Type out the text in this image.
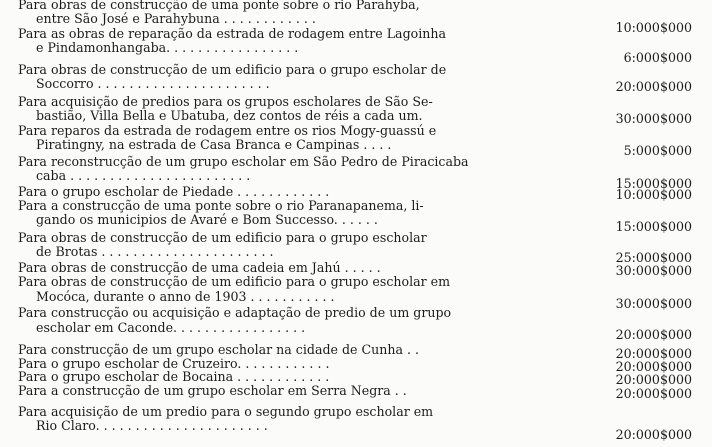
Para obras de construcção de uma ponte sobre o rio Parahyba,
entre São José e Parahybuna . . . . . . . . . . . .
10:000$000
Para as obras de reparação da estrada de rodagem entre Lagoinha
e Pindamonhangaba. . . . . . . . . . . . . . . . .
6:000$000
Para obras de construcção de um edificio para o grupo escholar de
Soccorro . . . . . . . . . . . . . . . . . . . . . .	20:000$000
Para acquisição de predios para os grupos escholares de São Se-
bastião, Villa Bella e Ubatuba, dez contos de réis a cada um.	30:000$000
Para reparos da estrada de rodagem entre os rios Mogy-guassú e
Piratingny, na estrada de Casa Branca e Campinas . . . .	5:000$000
Para reconstrucção de um grupo escholar em São Pedro de Piracicaba
caba . . . . . . . . . . . . . . . . . . . . . . .
15:000$000
Para o grupo escholar de Piedade . . . . . . . . . . . .	10:000$000
Para a construcção de uma ponte sobre o rio Paranapanema, li-
gando os municipios de Avaré e Bom Successo. . . . . .	15:000$000
Para obras de construcção de um edificio para o grupo escholar
de Brotas . . . . . . . . . . . . . . . . . . . . . .	25:000$000
Para obras de construcção de uma cadeia em Jahú . . . . .	30:000$000
Para obras de construcção de um edificio para o grupo escholar em
Mocóca, durante o anno de 1903 . . . . . . . . . . .	30:000$000
Para construcção ou acquisição e adaptação de predio de um grupo
escholar em Caconde. . . . . . . . . . . . . . . . .	20:000$000
Para construcção de um grupo escholar na cidade de Cunha . .	20:000$000
Para o grupo escholar de Cruzeiro. . . . . . . . . . . .	20:000$000
Para o grupo escholar de Bocaina . . . . . . . . . . . .	20:000$000
Para a construcção de um grupo escholar em Serra Negra . .	20:000$000
Para acquisição de um predio para o segundo grupo escholar em
Rio Claro. . . . . . . . . . . . . . . . . . . . . .
20:000$000
